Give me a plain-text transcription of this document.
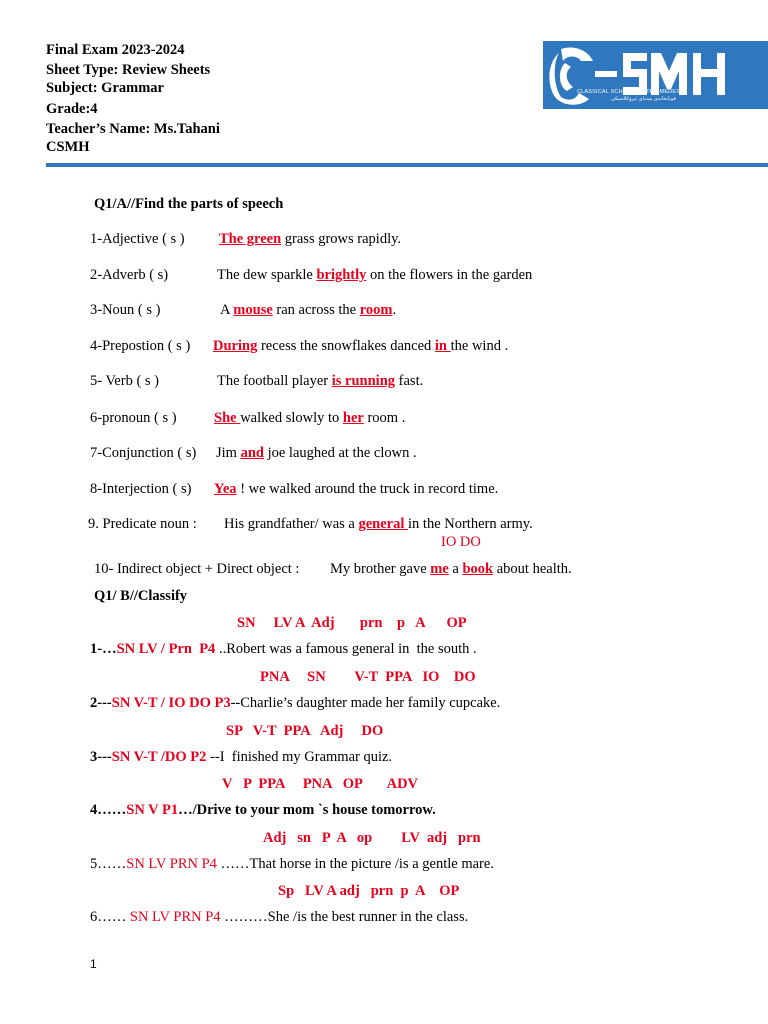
Final Exam 2023-2024
Sheet Type: Review Sheets
Subject: Grammar
Grade:4
Teacher’s Name: Ms.Tahani
CSMH
CLASSICAL SCHOOL OF THE MEDES
قوتابخانەی میدیای تیرۆکلاسیکی
Q1/A//Find the parts of speech
1-Adjective ( s ) The green grass grows rapidly.
2-Adverb ( s)	The dew sparkle brightly on the flowers in the garden
3-Noun ( s )	A mouse ran across the room.
4-Prepostion ( s ) During recess the snowflakes danced in the wind .
5- Verb ( s )	The football player is running fast.
6-pronoun ( s )	She walked slowly to her room .
7-Conjunction ( s) Jim and joe laughed at the clown .
8-Interjection ( s) Yea ! we walked around the truck in record time.
9. Predicate noun : His grandfather/ was a general in the Northern army.
10- Indirect object + Direct object : My brother gave me a book about health.
IO DO
Q1/ B//Classify
SN     LV A  Adj       prn    p   A      OP
1-…SN LV / Prn  P4 ..Robert was a famous general in  the south .
PNA     SN        V-T  PPA   IO    DO
2---SN V-T / IO DO P3--Charlie’s daughter made her family cupcake.
SP   V-T  PPA   Adj     DO
3---SN V-T /DO P2 --I  finished my Grammar quiz.
V   P  PPA     PNA   OP       ADV
4……SN V P1…/Drive to your mom `s house tomorrow.
Adj   sn   P  A   op        LV  adj   prn
5……SN LV PRN P4 ……That horse in the picture /is a gentle mare.
Sp   LV A adj   prn  p  A    OP
6…… SN LV PRN P4 ………She /is the best runner in the class.
1
